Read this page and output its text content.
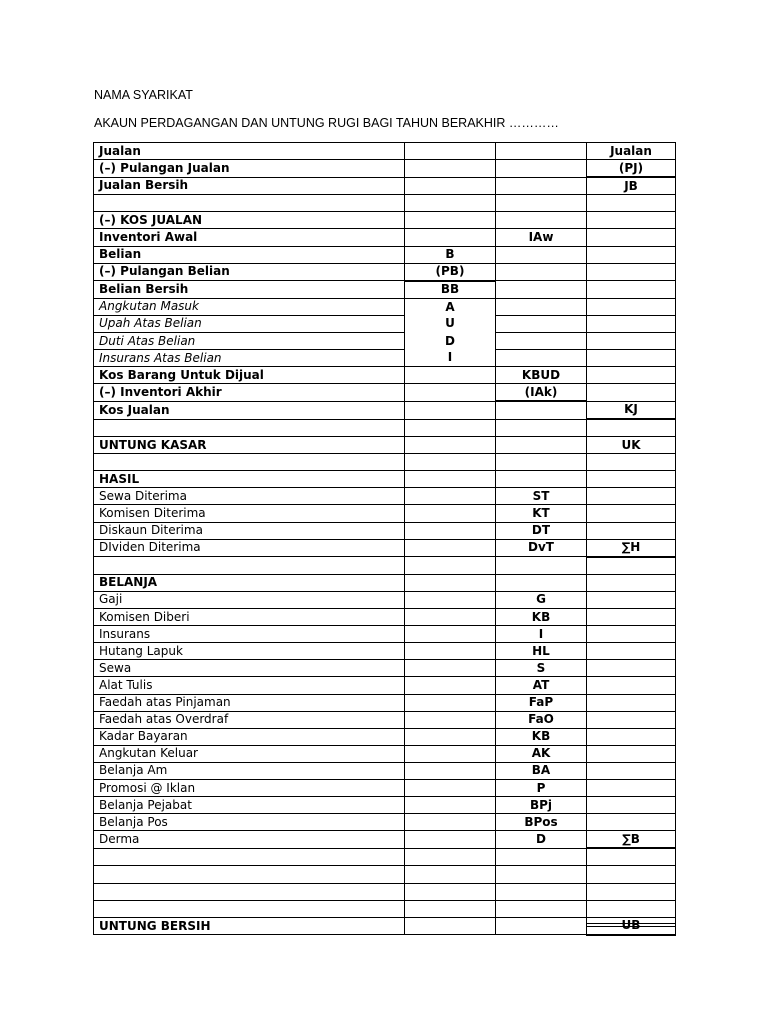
NAMA SYARIKAT
AKAUN PERDAGANGAN DAN UNTUNG RUGI BAGI TAHUN BERAKHIR …………
Jualan			Jualan
(–) Pulangan Jualan			(PJ)
Jualan Bersih			JB

(–) KOS JUALAN			
Inventori Awal		IAw	
Belian	B		
(–) Pulangan Belian	(PB)		
Belian Bersih	BB		
Angkutan Masuk	A		
Upah Atas Belian	U		
Duti Atas Belian	D		
Insurans Atas Belian	I		
Kos Barang Untuk Dijual		KBUD	
(–) Inventori Akhir		(IAk)	
Kos Jualan			KJ

UNTUNG KASAR			UK

HASIL			
Sewa Diterima		ST	
Komisen Diterima		KT	
Diskaun Diterima		DT	
DIviden Diterima		DvT	∑H

BELANJA			
Gaji		G	
Komisen Diberi		KB	
Insurans		I	
Hutang Lapuk		HL	
Sewa		S	
Alat Tulis		AT	
Faedah atas Pinjaman		FaP	
Faedah atas Overdraf		FaO	
Kadar Bayaran		KB	
Angkutan Keluar		AK	
Belanja Am		BA	
Promosi @ Iklan		P	
Belanja Pejabat		BPj	
Belanja Pos		BPos	
Derma		D	∑B

UNTUNG BERSIH			UB
